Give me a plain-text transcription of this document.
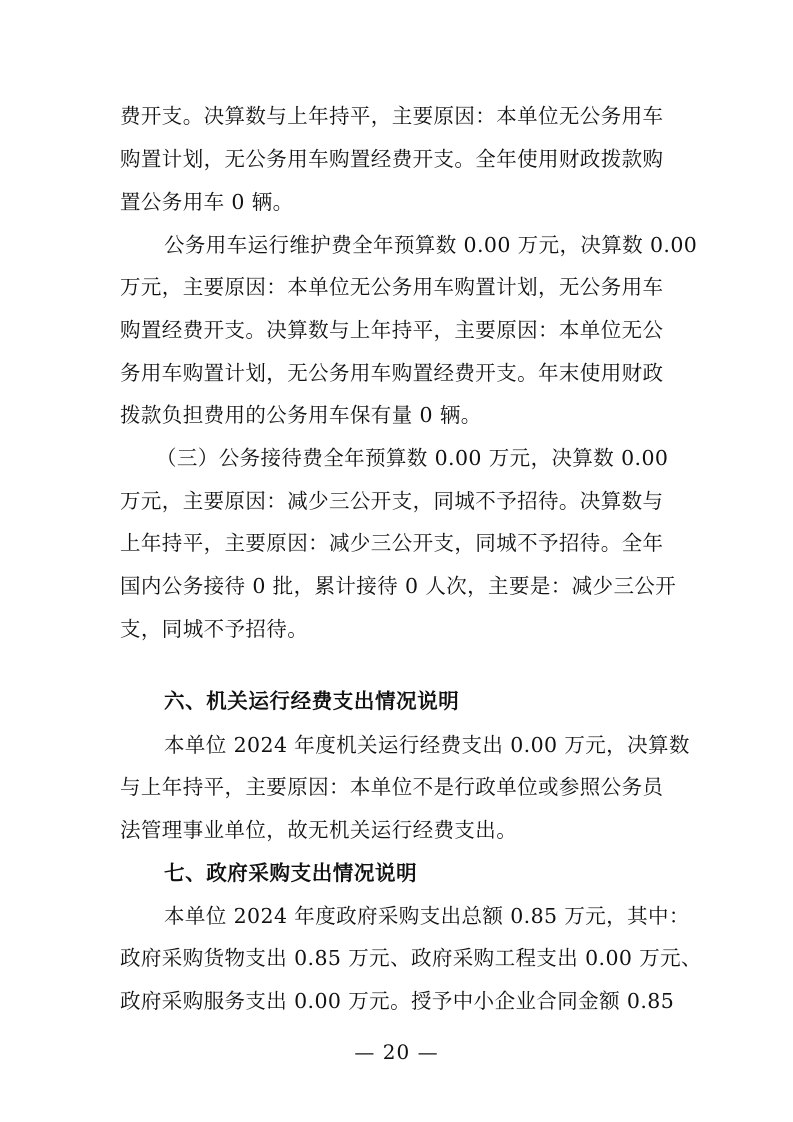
费开支。决算数与上年持平，主要原因：本单位无公务用车
购置计划，无公务用车购置经费开支。全年使用财政拨款购
置公务用车 0 辆。
公务用车运行维护费全年预算数 0.00 万元，决算数 0.00
万元，主要原因：本单位无公务用车购置计划，无公务用车
购置经费开支。决算数与上年持平，主要原因：本单位无公
务用车购置计划，无公务用车购置经费开支。年末使用财政
拨款负担费用的公务用车保有量 0 辆。
（三）公务接待费全年预算数 0.00 万元，决算数 0.00
万元，主要原因：减少三公开支，同城不予招待。决算数与
上年持平，主要原因：减少三公开支，同城不予招待。全年
国内公务接待 0 批，累计接待 0 人次，主要是：减少三公开
支，同城不予招待。
六、机关运行经费支出情况说明
本单位 2024 年度机关运行经费支出 0.00 万元，决算数
与上年持平，主要原因：本单位不是行政单位或参照公务员
法管理事业单位，故无机关运行经费支出。
七、政府采购支出情况说明
本单位 2024 年度政府采购支出总额 0.85 万元，其中：
政府采购货物支出 0.85 万元、政府采购工程支出 0.00 万元、
政府采购服务支出 0.00 万元。授予中小企业合同金额 0.85
— 20 —
